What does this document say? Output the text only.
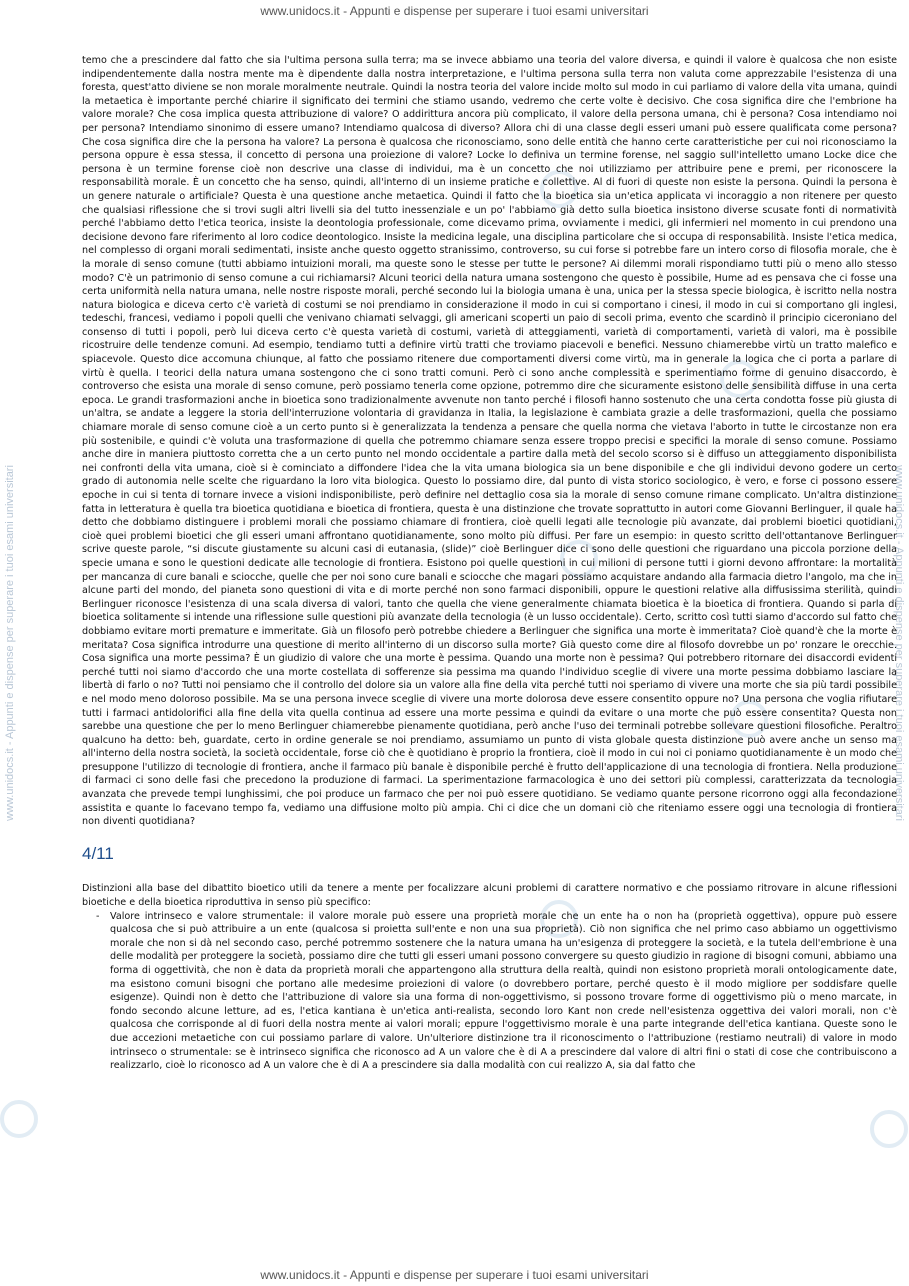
www.unidocs.it - Appunti e dispense per superare i tuoi esami universitari
www.unidocs.it - Appunti e dispense per superare i tuoi esami universitari	www.unidocs.it - Appunti e dispense per superare i tuoi esami universitari

temo che a prescindere dal fatto che sia l'ultima persona sulla terra; ma se invece abbiamo una teoria del valore diversa, e quindi il valore è qualcosa che non esiste indipendentemente dalla nostra mente ma è dipendente dalla nostra interpretazione, e l'ultima persona sulla terra non valuta come apprezzabile l'esistenza di una foresta, quest'atto diviene se non morale moralmente neutrale. Quindi la nostra teoria del valore incide molto sul modo in cui parliamo di valore della vita umana, quindi la metaetica è importante perché chiarire il significato dei termini che stiamo usando, vedremo che certe volte è decisivo. Che cosa significa dire che l'embrione ha valore morale? Che cosa implica questa attribuzione di valore? O addirittura ancora più complicato, il valore della persona umana, chi è persona? Cosa intendiamo noi per persona? Intendiamo sinonimo di essere umano? Intendiamo qualcosa di diverso? Allora chi di una classe degli esseri umani può essere qualificata come persona? Che cosa significa dire che la persona ha valore? La persona è qualcosa che riconosciamo, sono delle entità che hanno certe caratteristiche per cui noi riconosciamo la persona oppure è essa stessa, il concetto di persona una proiezione di valore? Locke lo definiva un termine forense, nel saggio sull'intelletto umano Locke dice che persona è un termine forense cioè non descrive una classe di individui, ma è un concetto che noi utilizziamo per attribuire pene e premi, per riconoscere la responsabilità morale. È un concetto che ha senso, quindi, all'interno di un insieme pratiche e collettive. Al di fuori di queste non esiste la persona. Quindi la persona è un genere naturale o artificiale? Questa è una questione anche metaetica. Quindi il fatto che la bioetica sia un'etica applicata vi incoraggio a non ritenere per questo che qualsiasi riflessione che si trovi sugli altri livelli sia del tutto inessenziale e un po' l'abbiamo già detto sulla bioetica insistono diverse scusate fonti di normatività perché l'abbiamo detto l'etica teorica, insiste la deontologia professionale, come dicevamo prima, ovviamente i medici, gli infermieri nel momento in cui prendono una decisione devono fare riferimento al loro codice deontologico. Insiste la medicina legale, una disciplina particolare che si occupa di responsabilità. Insiste l'etica medica, nel complesso di organi morali sedimentati, insiste anche questo oggetto stranissimo, controverso, su cui forse si potrebbe fare un intero corso di filosofia morale, che è la morale di senso comune (tutti abbiamo intuizioni morali, ma queste sono le stesse per tutte le persone? Ai dilemmi morali rispondiamo tutti più o meno allo stesso modo? C'è un patrimonio di senso comune a cui richiamarsi? Alcuni teorici della natura umana sostengono che questo è possibile, Hume ad es pensava che ci fosse una certa uniformità nella natura umana, nelle nostre risposte morali, perché secondo lui la biologia umana è una, unica per la stessa specie biologica, è iscritto nella nostra natura biologica e diceva certo c'è varietà di costumi se noi prendiamo in considerazione il modo in cui si comportano i cinesi, il modo in cui si comportano gli inglesi, tedeschi, francesi, vediamo i popoli quelli che venivano chiamati selvaggi, gli americani scoperti un paio di secoli prima, evento che scardinò il principio ciceroniano del consenso di tutti i popoli, però lui diceva certo c'è questa varietà di costumi, varietà di atteggiamenti, varietà di comportamenti, varietà di valori, ma è possibile ricostruire delle tendenze comuni. Ad esempio, tendiamo tutti a definire virtù tratti che troviamo piacevoli e benefici. Nessuno chiamerebbe virtù un tratto malefico e spiacevole. Questo dice accomuna chiunque, al fatto che possiamo ritenere due comportamenti diversi come virtù, ma in generale la logica che ci porta a parlare di virtù è quella. I teorici della natura umana sostengono che ci sono tratti comuni. Però ci sono anche complessità e sperimentiamo forme di genuino disaccordo, è controverso che esista una morale di senso comune, però possiamo tenerla come opzione, potremmo dire che sicuramente esistono delle sensibilità diffuse in una certa epoca. Le grandi trasformazioni anche in bioetica sono tradizionalmente avvenute non tanto perché i filosofi hanno sostenuto che una certa condotta fosse più giusta di un'altra, se andate a leggere la storia dell'interruzione volontaria di gravidanza in Italia, la legislazione è cambiata grazie a delle trasformazioni, quella che possiamo chiamare morale di senso comune cioè a un certo punto si è generalizzata la tendenza a pensare che quella norma che vietava l'aborto in tutte le circostanze non era più sostenibile, e quindi c'è voluta una trasformazione di quella che potremmo chiamare senza essere troppo precisi e specifici la morale di senso comune. Possiamo anche dire in maniera piuttosto corretta che a un certo punto nel mondo occidentale a partire dalla metà del secolo scorso si è diffuso un atteggiamento disponibilista nei confronti della vita umana, cioè si è cominciato a diffondere l'idea che la vita umana biologica sia un bene disponibile e che gli individui devono godere un certo grado di autonomia nelle scelte che riguardano la loro vita biologica. Questo lo possiamo dire, dal punto di vista storico sociologico, è vero, e forse ci possono essere epoche in cui si tenta di tornare invece a visioni indisponibiliste, però definire nel dettaglio cosa sia la morale di senso comune rimane complicato. Un'altra distinzione fatta in letteratura è quella tra bioetica quotidiana e bioetica di frontiera, questa è una distinzione che trovate soprattutto in autori come Giovanni Berlinguer, il quale ha detto che dobbiamo distinguere i problemi morali che possiamo chiamare di frontiera, cioè quelli legati alle tecnologie più avanzate, dai problemi bioetici quotidiani, cioè quei problemi bioetici che gli esseri umani affrontano quotidianamente, sono molto più diffusi. Per fare un esempio: in questo scritto dell'ottantanove Berlinguer scrive queste parole, “si discute giustamente su alcuni casi di eutanasia, (slide)” cioè Berlinguer dice ci sono delle questioni che riguardano una piccola porzione della specie umana e sono le questioni dedicate alle tecnologie di frontiera. Esistono poi quelle questioni in cui milioni di persone tutti i giorni devono affrontare: la mortalità per mancanza di cure banali e sciocche, quelle che per noi sono cure banali e sciocche che magari possiamo acquistare andando alla farmacia dietro l'angolo, ma che in alcune parti del mondo, del pianeta sono questioni di vita e di morte perché non sono farmaci disponibili, oppure le questioni relative alla diffusissima sterilità, quindi Berlinguer riconosce l'esistenza di una scala diversa di valori, tanto che quella che viene generalmente chiamata bioetica è la bioetica di frontiera. Quando si parla di bioetica solitamente si intende una riflessione sulle questioni più avanzate della tecnologia (è un lusso occidentale). Certo, scritto così tutti siamo d'accordo sul fatto che dobbiamo evitare morti premature e immeritate. Già un filosofo però potrebbe chiedere a Berlinguer che significa una morte è immeritata? Cioè quand'è che la morte è meritata? Cosa significa introdurre una questione di merito all'interno di un discorso sulla morte? Già questo come dire al filosofo dovrebbe un po' ronzare le orecchie. Cosa significa una morte pessima? È un giudizio di valore che una morte è pessima. Quando una morte non è pessima? Qui potrebbero ritornare dei disaccordi evidenti perché tutti noi siamo d'accordo che una morte costellata di sofferenze sia pessima ma quando l'individuo sceglie di vivere una morte pessima dobbiamo lasciare la libertà di farlo o no? Tutti noi pensiamo che il controllo del dolore sia un valore alla fine della vita perché tutti noi speriamo di vivere una morte che sia più tardi possibile e nel modo meno doloroso possibile. Ma se una persona invece sceglie di vivere una morte dolorosa deve essere consentito oppure no? Una persona che voglia rifiutare tutti i farmaci antidolorifici alla fine della vita quella continua ad essere una morte pessima e quindi da evitare o una morte che può essere consentita? Questa non sarebbe una questione che per lo meno Berlinguer chiamerebbe pienamente quotidiana, però anche l'uso dei terminali potrebbe sollevare questioni filosofiche. Peraltro qualcuno ha detto: beh, guardate, certo in ordine generale se noi prendiamo, assumiamo un punto di vista globale questa distinzione può avere anche un senso ma all'interno della nostra società, la società occidentale, forse ciò che è quotidiano è proprio la frontiera, cioè il modo in cui noi ci poniamo quotidianamente è un modo che presuppone l'utilizzo di tecnologie di frontiera, anche il farmaco più banale è disponibile perché è frutto dell'applicazione di una tecnologia di frontiera. Nella produzione di farmaci ci sono delle fasi che precedono la produzione di farmaci. La sperimentazione farmacologica è uno dei settori più complessi, caratterizzata da tecnologia avanzata che prevede tempi lunghissimi, che poi produce un farmaco che per noi può essere quotidiano. Se vediamo quante persone ricorrono oggi alla fecondazione assistita e quante lo facevano tempo fa, vediamo una diffusione molto più ampia. Chi ci dice che un domani ciò che riteniamo essere oggi una tecnologia di frontiera non diventi quotidiana?

4/11

Distinzioni alla base del dibattito bioetico utili da tenere a mente per focalizzare alcuni problemi di carattere normativo e che possiamo ritrovare in alcune riflessioni bioetiche e della bioetica riproduttiva in senso più specifico:

- Valore intrinseco e valore strumentale: il valore morale può essere una proprietà morale che un ente ha o non ha (proprietà oggettiva), oppure può essere qualcosa che si può attribuire a un ente (qualcosa si proietta sull'ente e non una sua proprietà). Ciò non significa che nel primo caso abbiamo un oggettivismo morale che non si dà nel secondo caso, perché potremmo sostenere che la natura umana ha un'esigenza di proteggere la società, e la tutela dell'embrione è una delle modalità per proteggere la società, possiamo dire che tutti gli esseri umani possono convergere su questo giudizio in ragione di bisogni comuni, abbiamo una forma di oggettività, che non è data da proprietà morali che appartengono alla struttura della realtà, quindi non esistono proprietà morali ontologicamente date, ma esistono comuni bisogni che portano alle medesime proiezioni di valore (o dovrebbero portare, perché questo è il modo migliore per soddisfare quelle esigenze). Quindi non è detto che l'attribuzione di valore sia una forma di non-oggettivismo, si possono trovare forme di oggettivismo più o meno marcate, in fondo secondo alcune letture, ad es, l'etica kantiana è un'etica anti-realista, secondo loro Kant non crede nell'esistenza oggettiva dei valori morali, non c'è qualcosa che corrisponde al di fuori della nostra mente ai valori morali; eppure l'oggettivismo morale è una parte integrande dell'etica kantiana. Queste sono le due accezioni metaetiche con cui possiamo parlare di valore. Un'ulteriore distinzione tra il riconoscimento o l'attribuzione (restiamo neutrali) di valore in modo intrinseco o strumentale: se è intrinseco significa che riconosco ad A un valore che è di A a prescindere dal valore di altri fini o stati di cose che contribuiscono a realizzarlo, cioè lo riconosco ad A un valore che è di A a prescindere sia dalla modalità con cui realizzo A, sia dal fatto che

www.unidocs.it - Appunti e dispense per superare i tuoi esami universitari
